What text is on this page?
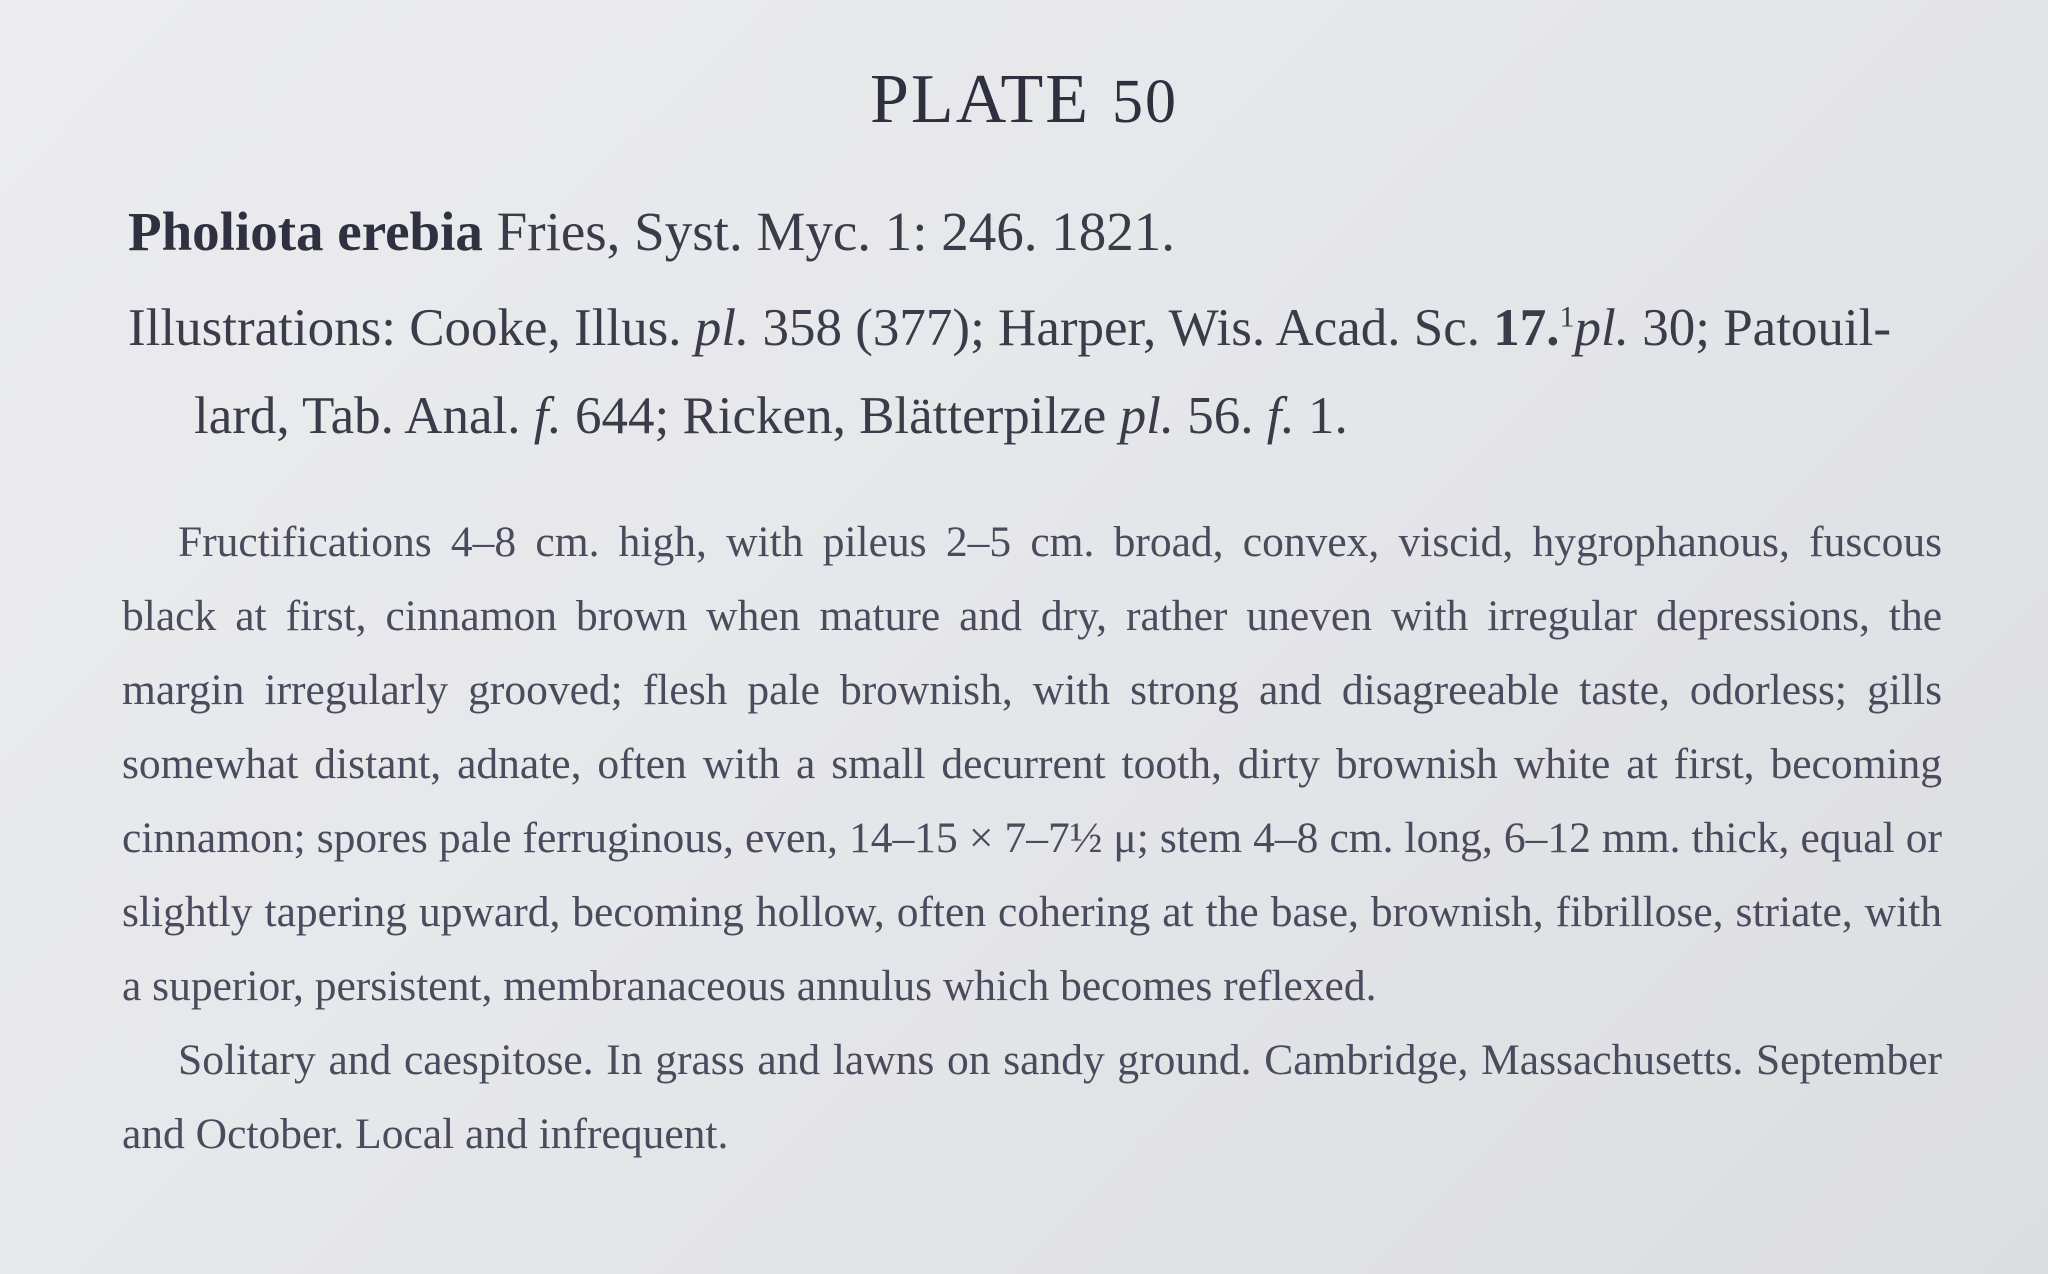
PLATE 50
Pholiota erebia Fries, Syst. Myc. 1: 246. 1821.
Illustrations: Cooke, Illus. pl. 358 (377); Harper, Wis. Acad. Sc. 17.$^1$pl. 30; Patouil-
lard, Tab. Anal. f. 644; Ricken, Blätterpilze pl. 56. f. 1.

Fructifications 4–8 cm. high, with pileus 2–5 cm. broad, convex, viscid, hygrophanous, fuscous black at first, cinnamon brown when mature and dry, rather uneven with irregular depressions, the margin irregularly grooved; flesh pale brownish, with strong and disagreeable taste, odorless; gills somewhat distant, adnate, often with a small decurrent tooth, dirty brownish white at first, becoming cinnamon; spores pale ferruginous, even, 14–15 × 7–7½ μ; stem 4–8 cm. long, 6–12 mm. thick, equal or slightly tapering upward, becoming hollow, often cohering at the base, brownish, fibrillose, striate, with a superior, persistent, membranaceous annulus which becomes reflexed.

Solitary and caespitose. In grass and lawns on sandy ground. Cambridge, Massachusetts. September and October. Local and infrequent.
